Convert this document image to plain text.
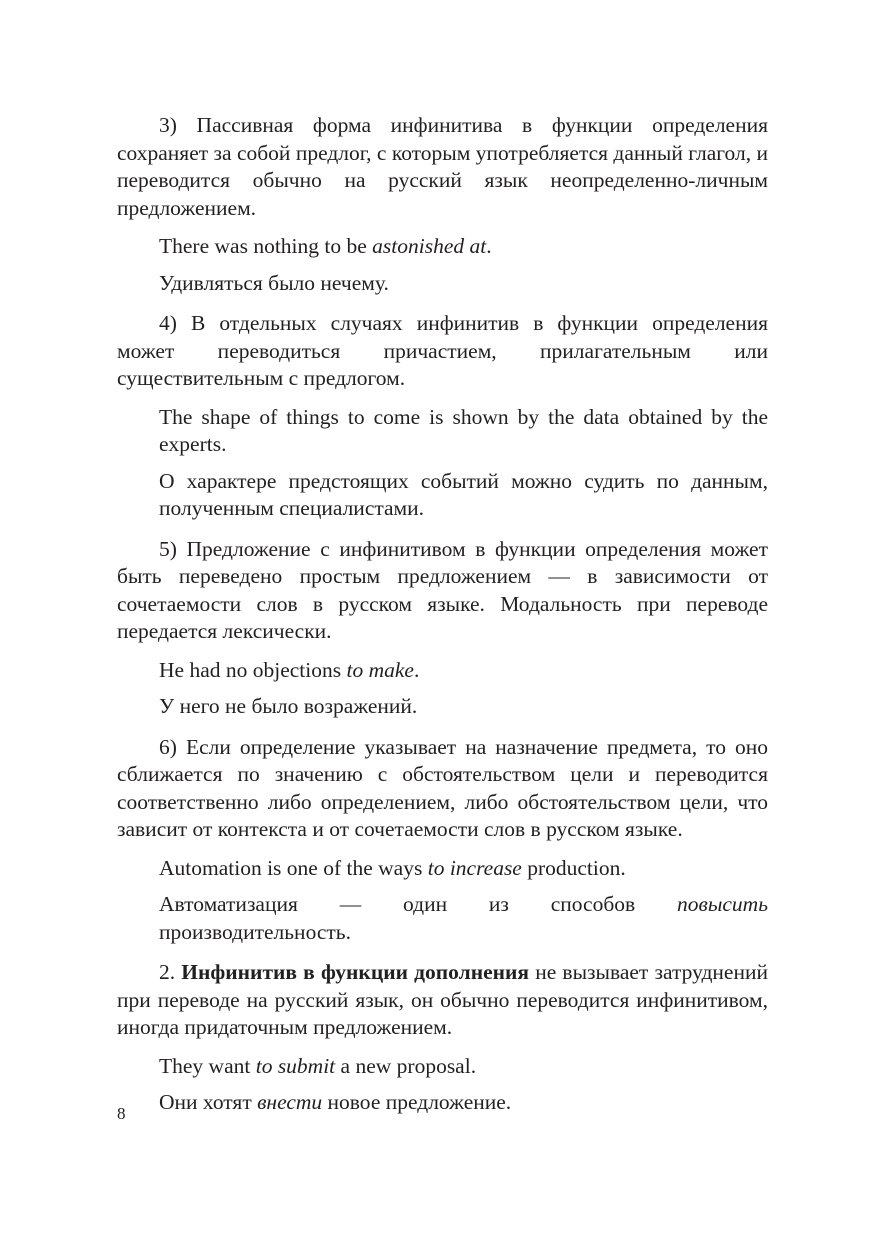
3) Пассивная форма инфинитива в функции определения сохраняет за собой предлог, с которым употребляется данный глагол, и переводится обычно на русский язык неопределенно-личным предложением.

There was nothing to be astonished at.

Удивляться было нечему.

4) В отдельных случаях инфинитив в функции определения может переводиться причастием, прилагательным или существительным с предлогом.

The shape of things to come is shown by the data obtained by the experts.

О характере предстоящих событий можно судить по данным, полученным специалистами.

5) Предложение с инфинитивом в функции определения может быть переведено простым предложением — в зависимости от сочетаемости слов в русском языке. Модальность при переводе передается лексически.

He had no objections to make.

У него не было возражений.

6) Если определение указывает на назначение предмета, то оно сближается по значению с обстоятельством цели и переводится соответственно либо определением, либо обстоятельством цели, что зависит от контекста и от сочетаемости слов в русском языке.

Automation is one of the ways to increase production.

Автоматизация — один из способов повысить производительность.

2. Инфинитив в функции дополнения не вызывает затруднений при переводе на русский язык, он обычно переводится инфинитивом, иногда придаточным предложением.

They want to submit a new proposal.

Они хотят внести новое предложение.

8
